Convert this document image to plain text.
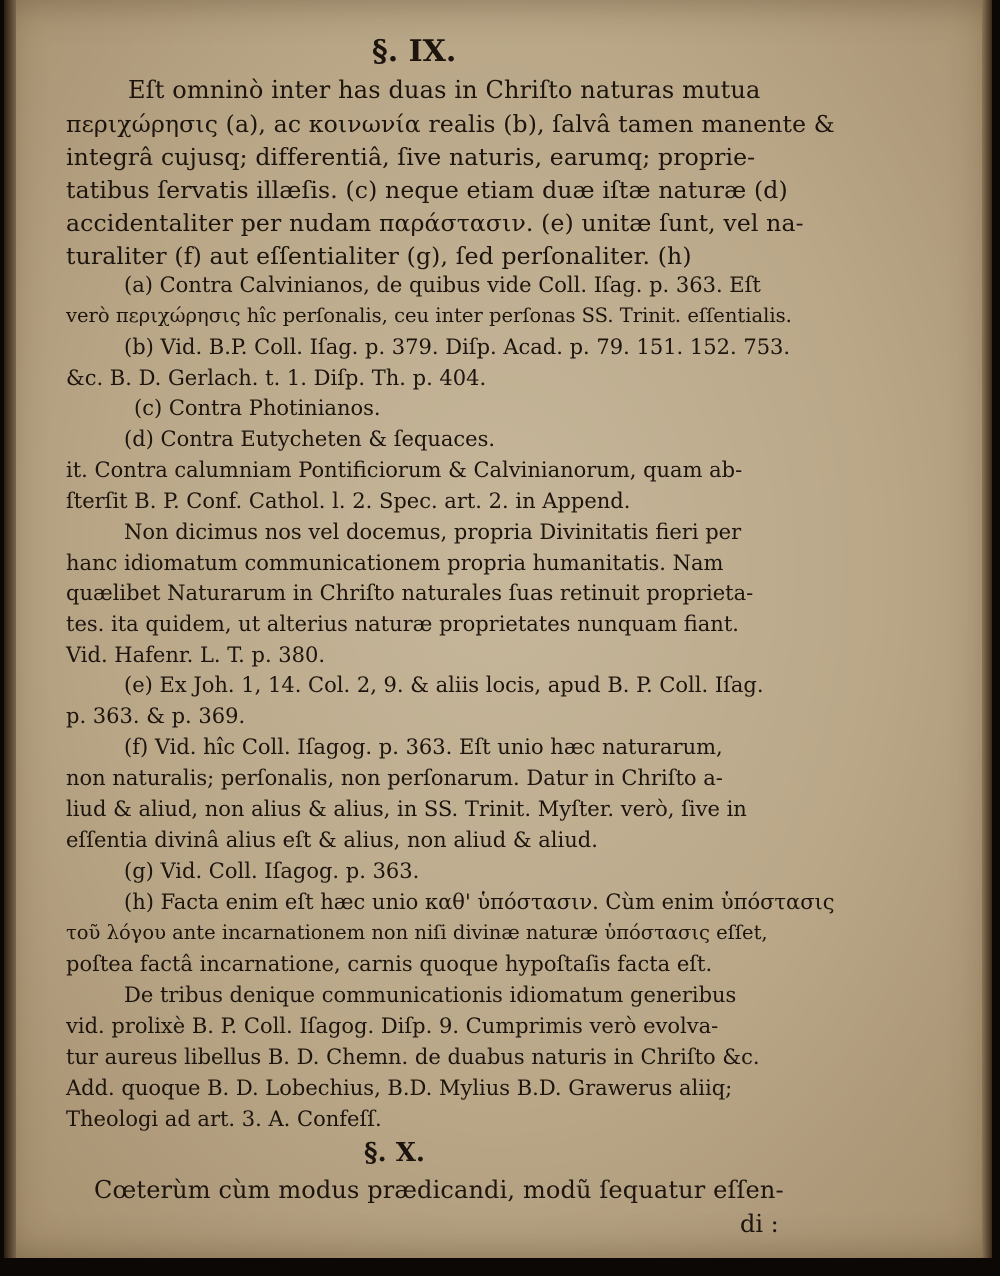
§. IX.
Eſt omninò inter has duas in Chriſto naturas mutua
περιχώρησις (a), ac κοινωνία realis (b), ſalvâ tamen manente &
integrâ cujusq; differentiâ, ſive naturis, earumq; proprie-
tatibus ſervatis illæſis. (c) neque etiam duæ iſtæ naturæ (d)
accidentaliter per nudam παράστασιν. (e) unitæ ſunt, vel na-
turaliter (f) aut eſſentialiter (g), ſed perſonaliter. (h)
(a) Contra Calvinianos, de quibus vide Coll. Iſag. p. 363. Eſt
verò περιχώρησις hîc perſonalis, ceu inter perſonas SS. Trinit. eſſentialis.
(b) Vid. B.P. Coll. Iſag. p. 379. Diſp. Acad. p. 79. 151. 152. 753.
&c. B. D. Gerlach. t. 1. Diſp. Th. p. 404.
(c) Contra Photinianos.
(d) Contra Eutycheten & ſequaces.
it. Contra calumniam Pontificiorum & Calvinianorum, quam ab-
ſterſit B. P. Conf. Cathol. l. 2. Spec. art. 2. in Append.
Non dicimus nos vel docemus, propria Divinitatis fieri per
hanc idiomatum communicationem propria humanitatis. Nam
quælibet Naturarum in Chriſto naturales ſuas retinuit proprieta-
tes. ita quidem, ut alterius naturæ proprietates nunquam fiant.
Vid. Hafenr. L. T. p. 380.
(e) Ex Joh. 1, 14. Col. 2, 9. & aliis locis, apud B. P. Coll. Iſag.
p. 363. & p. 369.
(f) Vid. hîc Coll. Iſagog. p. 363. Eſt unio hæc naturarum,
non naturalis; perſonalis, non perſonarum. Datur in Chriſto a-
liud & aliud, non alius & alius, in SS. Trinit. Myſter. verò, ſive in
eſſentia divinâ alius eſt & alius, non aliud & aliud.
(g) Vid. Coll. Iſagog. p. 363.
(h) Facta enim eſt hæc unio καθ' ὑπόστασιν. Cùm enim ὑπόστασις
τοῦ λόγου ante incarnationem non niſi divinæ naturæ ὑπόστασις eſſet,
poſtea factâ incarnatione, carnis quoque hypoſtaſis facta eſt.
De tribus denique communicationis idiomatum generibus
vid. prolixè B. P. Coll. Iſagog. Diſp. 9. Cumprimis verò evolva-
tur aureus libellus B. D. Chemn. de duabus naturis in Chriſto &c.
Add. quoque B. D. Lobechius, B.D. Mylius B.D. Grawerus aliiq;
Theologi ad art. 3. A. Confeſſ.
§. X.
Cœterùm cùm modus prædicandi, modũ ſequatur eſſen-
di :
